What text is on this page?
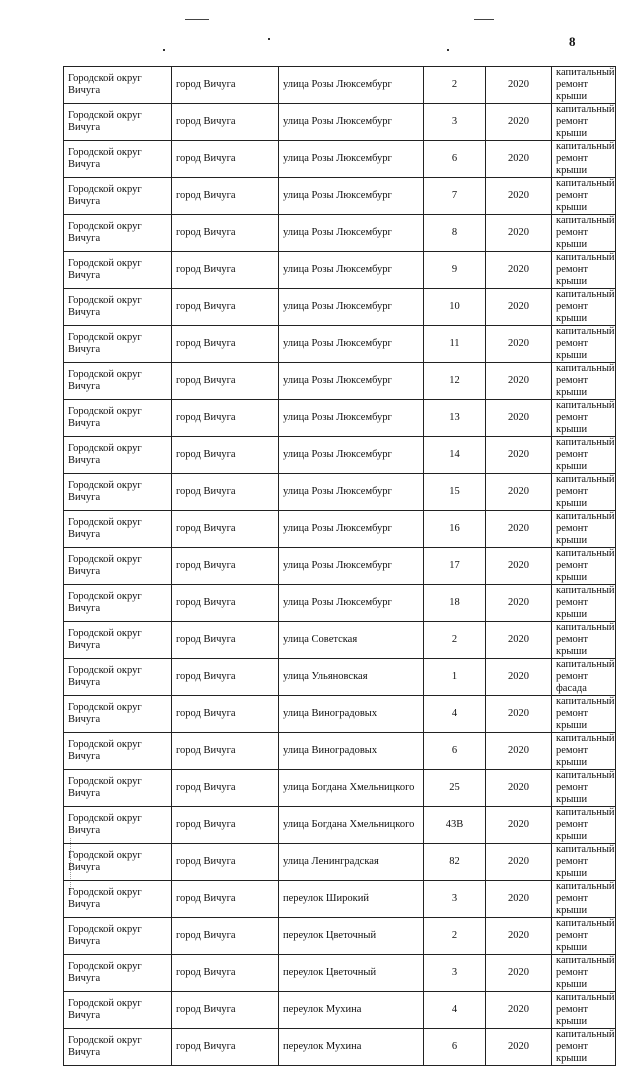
8
Городской округ Вичуга	город Вичуга	улица Розы Люксембург	2	2020	капитальный ремонт крыши
Городской округ Вичуга	город Вичуга	улица Розы Люксембург	3	2020	капитальный ремонт крыши
Городской округ Вичуга	город Вичуга	улица Розы Люксембург	6	2020	капитальный ремонт крыши
Городской округ Вичуга	город Вичуга	улица Розы Люксембург	7	2020	капитальный ремонт крыши
Городской округ Вичуга	город Вичуга	улица Розы Люксембург	8	2020	капитальный ремонт крыши
Городской округ Вичуга	город Вичуга	улица Розы Люксембург	9	2020	капитальный ремонт крыши
Городской округ Вичуга	город Вичуга	улица Розы Люксембург	10	2020	капитальный ремонт крыши
Городской округ Вичуга	город Вичуга	улица Розы Люксембург	11	2020	капитальный ремонт крыши
Городской округ Вичуга	город Вичуга	улица Розы Люксембург	12	2020	капитальный ремонт крыши
Городской округ Вичуга	город Вичуга	улица Розы Люксембург	13	2020	капитальный ремонт крыши
Городской округ Вичуга	город Вичуга	улица Розы Люксембург	14	2020	капитальный ремонт крыши
Городской округ Вичуга	город Вичуга	улица Розы Люксембург	15	2020	капитальный ремонт крыши
Городской округ Вичуга	город Вичуга	улица Розы Люксембург	16	2020	капитальный ремонт крыши
Городской округ Вичуга	город Вичуга	улица Розы Люксембург	17	2020	капитальный ремонт крыши
Городской округ Вичуга	город Вичуга	улица Розы Люксембург	18	2020	капитальный ремонт крыши
Городской округ Вичуга	город Вичуга	улица Советская	2	2020	капитальный ремонт крыши
Городской округ Вичуга	город Вичуга	улица Ульяновская	1	2020	капитальный ремонт фасада
Городской округ Вичуга	город Вичуга	улица Виноградовых	4	2020	капитальный ремонт крыши
Городской округ Вичуга	город Вичуга	улица Виноградовых	6	2020	капитальный ремонт крыши
Городской округ Вичуга	город Вичуга	улица Богдана Хмельницкого	25	2020	капитальный ремонт крыши
Городской округ Вичуга	город Вичуга	улица Богдана Хмельницкого	43В	2020	капитальный ремонт крыши
Городской округ Вичуга	город Вичуга	улица Ленинградская	82	2020	капитальный ремонт крыши
Городской округ Вичуга	город Вичуга	переулок Широкий	3	2020	капитальный ремонт крыши
Городской округ Вичуга	город Вичуга	переулок Цветочный	2	2020	капитальный ремонт крыши
Городской округ Вичуга	город Вичуга	переулок Цветочный	3	2020	капитальный ремонт крыши
Городской округ Вичуга	город Вичуга	переулок Мухина	4	2020	капитальный ремонт крыши
Городской округ Вичуга	город Вичуга	переулок Мухина	6	2020	капитальный ремонт крыши
